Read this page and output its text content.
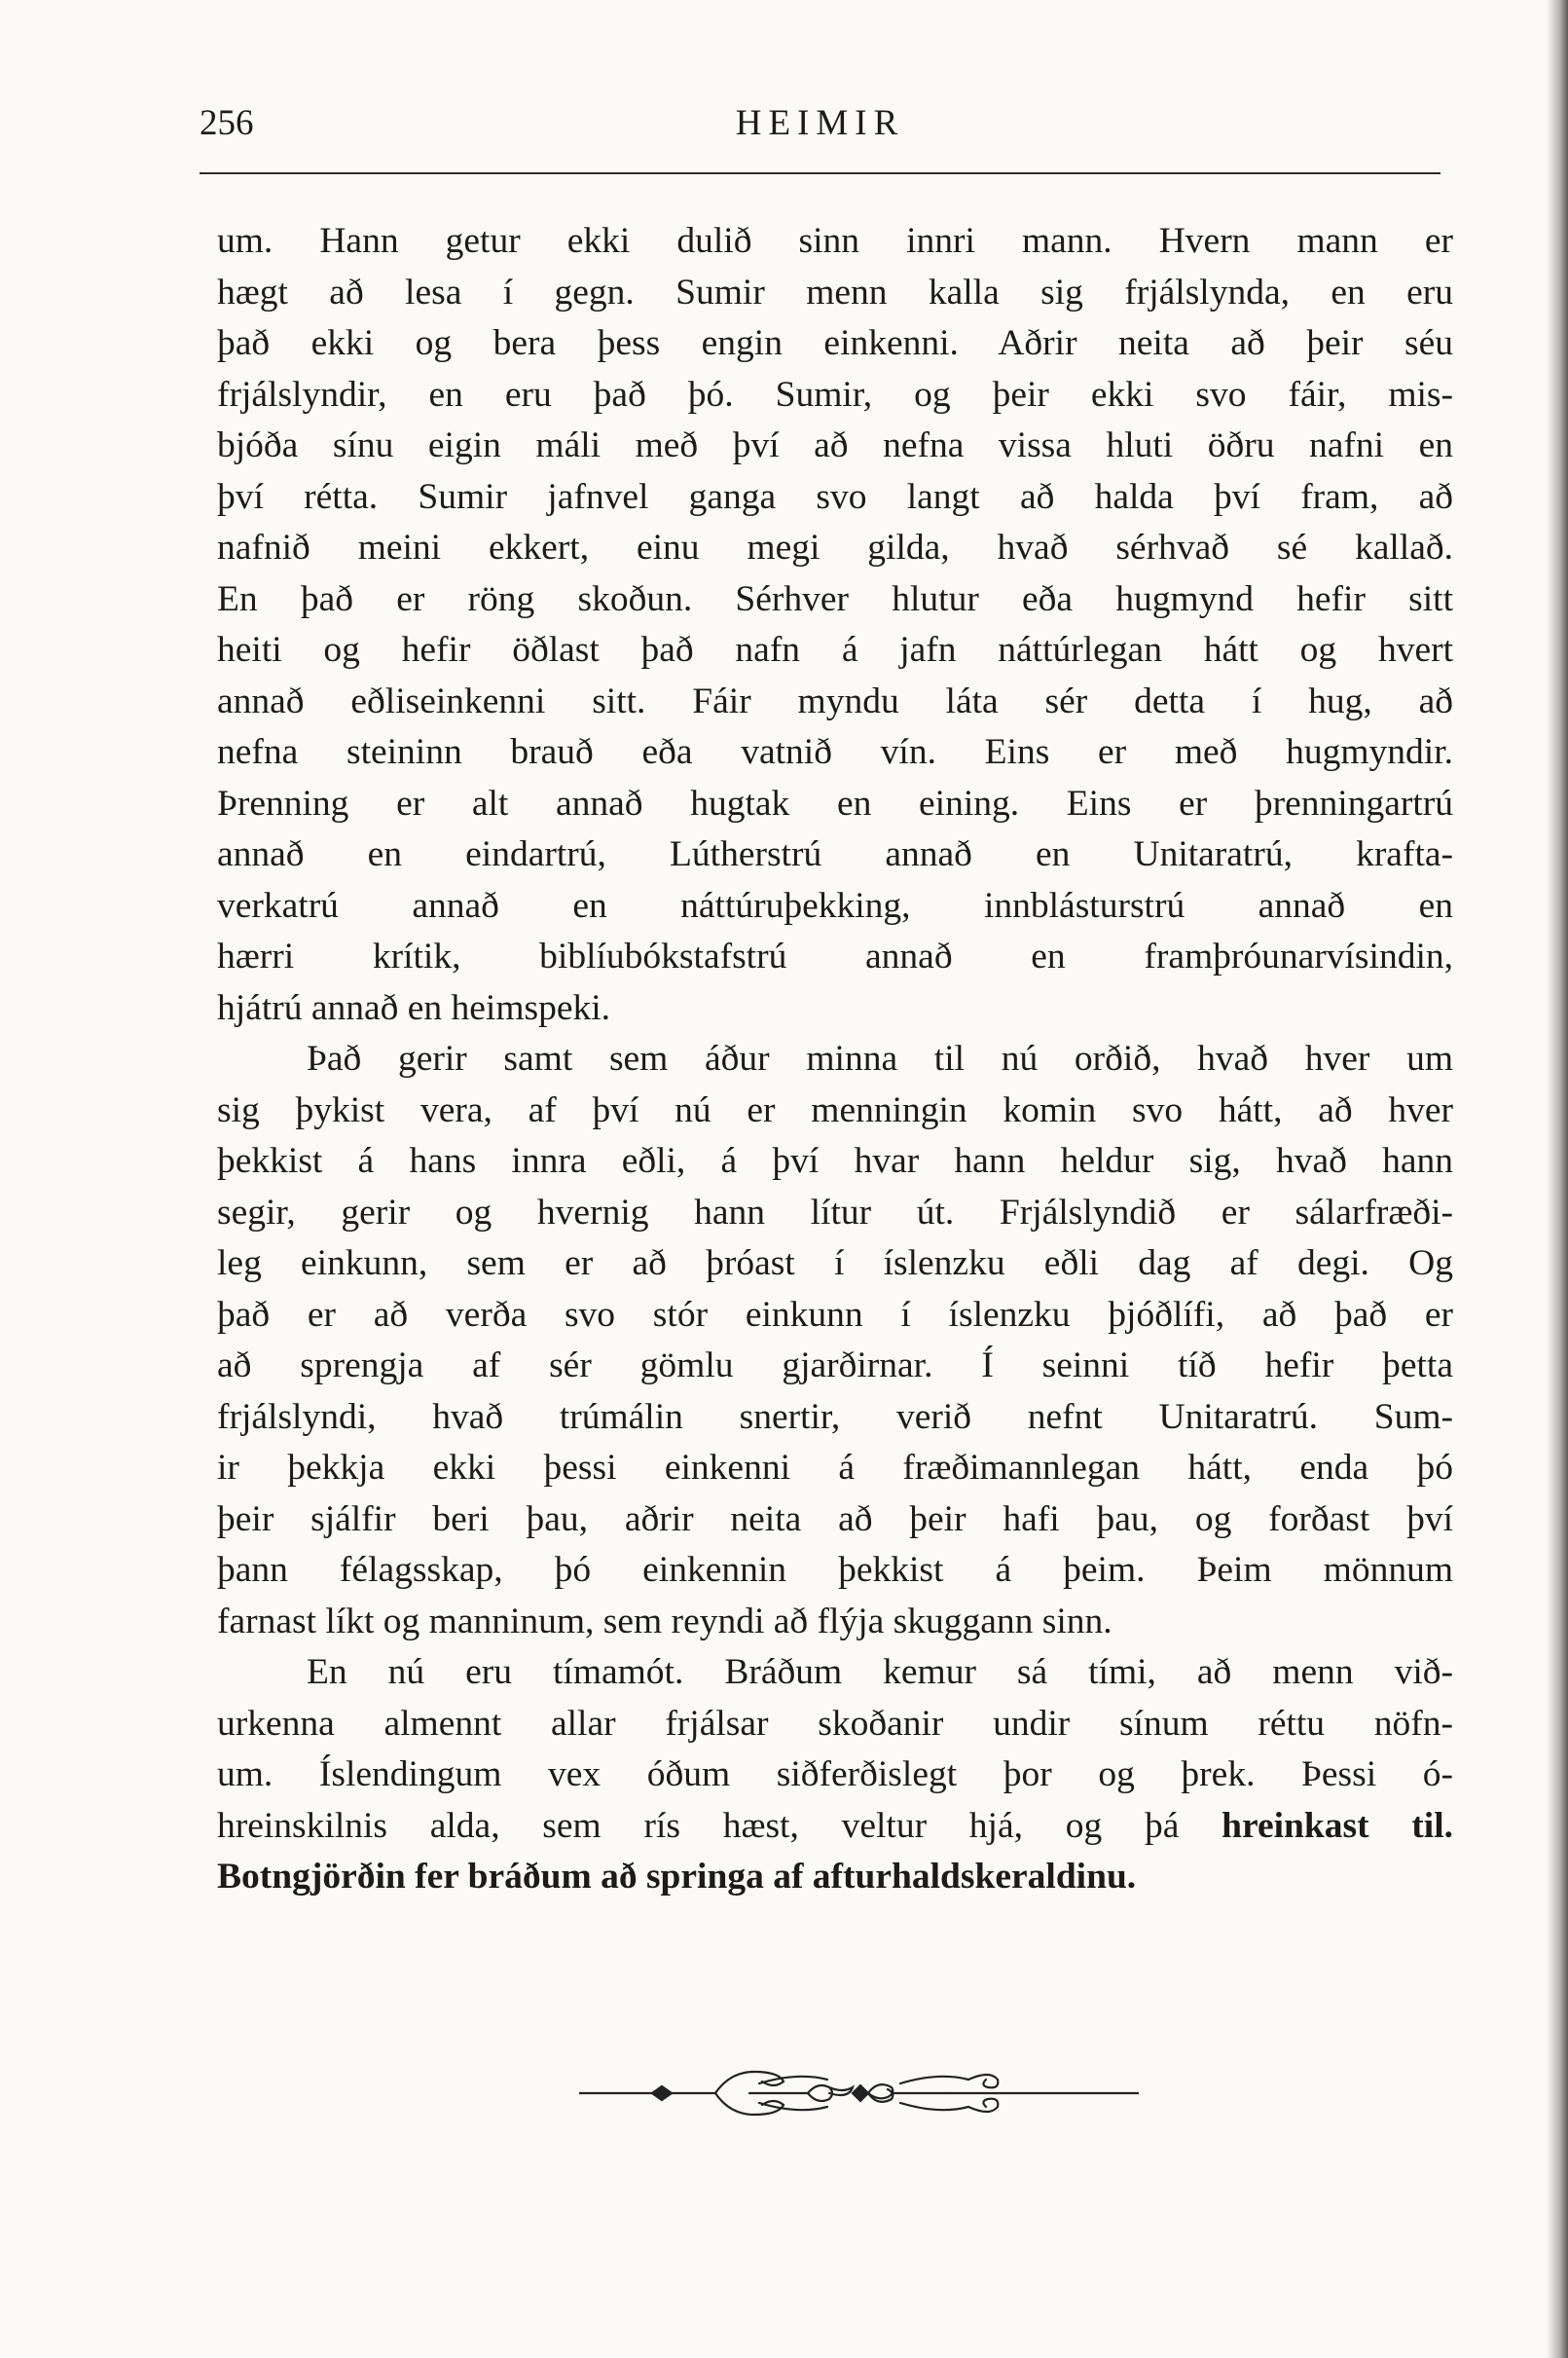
256	HEIMIR
um. Hann getur ekki dulið sinn innri mann. Hvern mann er
hægt að lesa í gegn. Sumir menn kalla sig frjálslynda, en eru
það ekki og bera þess engin einkenni. Aðrir neita að þeir séu
frjálslyndir, en eru það þó. Sumir, og þeir ekki svo fáir, mis-
bjóða sínu eigin máli með því að nefna vissa hluti öðru nafni en
því rétta. Sumir jafnvel ganga svo langt að halda því fram, að
nafnið meini ekkert, einu megi gilda, hvað sérhvað sé kallað.
En það er röng skoðun. Sérhver hlutur eða hugmynd hefir sitt
heiti og hefir öðlast það nafn á jafn náttúrlegan hátt og hvert
annað eðliseinkenni sitt. Fáir myndu láta sér detta í hug, að
nefna steininn brauð eða vatnið vín. Eins er með hugmyndir.
Þrenning er alt annað hugtak en eining. Eins er þrenningartrú
annað en eindartrú, Lútherstrú annað en Unitaratrú, krafta-
verkatrú annað en náttúruþekking, innblásturstrú annað en
hærri krítik, biblíubókstafstrú annað en framþróunarvísindin,
hjátrú annað en heimspeki.
Það gerir samt sem áður minna til nú orðið, hvað hver um
sig þykist vera, af því nú er menningin komin svo hátt, að hver
þekkist á hans innra eðli, á því hvar hann heldur sig, hvað hann
segir, gerir og hvernig hann lítur út. Frjálslyndið er sálarfræði-
leg einkunn, sem er að þróast í íslenzku eðli dag af degi. Og
það er að verða svo stór einkunn í íslenzku þjóðlífi, að það er
að sprengja af sér gömlu gjarðirnar. Í seinni tíð hefir þetta
frjálslyndi, hvað trúmálin snertir, verið nefnt Unitaratrú. Sum-
ir þekkja ekki þessi einkenni á fræðimannlegan hátt, enda þó
þeir sjálfir beri þau, aðrir neita að þeir hafi þau, og forðast því
þann félagsskap, þó einkennin þekkist á þeim. Þeim mönnum
farnast líkt og manninum, sem reyndi að flýja skuggann sinn.
En nú eru tímamót. Bráðum kemur sá tími, að menn við-
urkenna almennt allar frjálsar skoðanir undir sínum réttu nöfn-
um. Íslendingum vex óðum siðferðislegt þor og þrek. Þessi ó-
hreinskilnis alda, sem rís hæst, veltur hjá, og þá hreinkast til.
Botngjörðin fer bráðum að springa af afturhaldskeraldinu.
